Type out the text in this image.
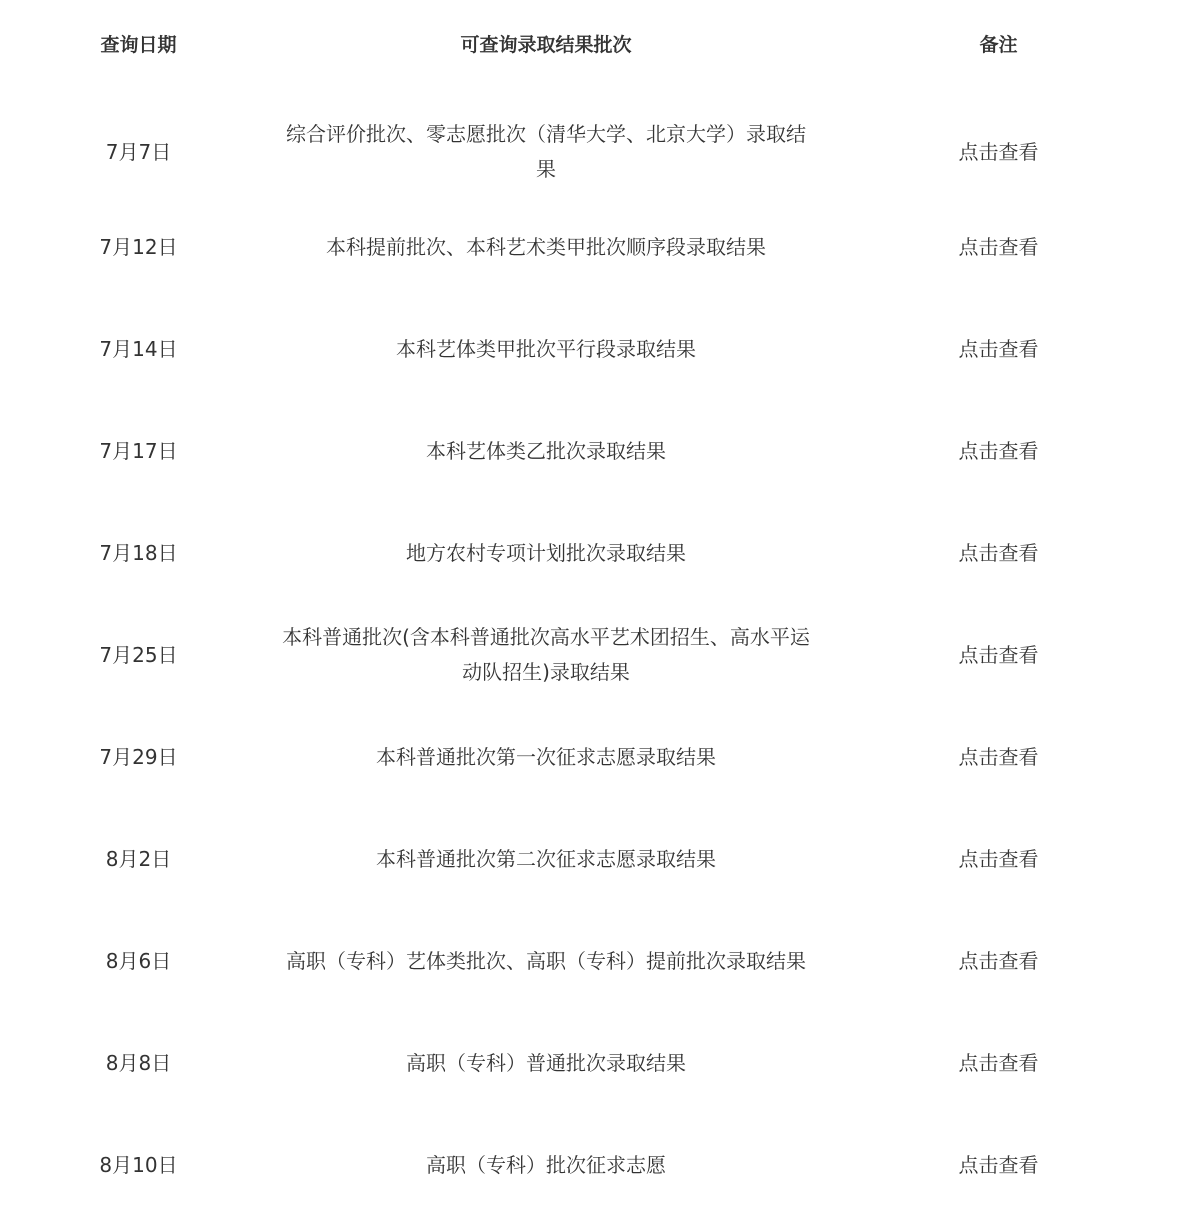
查询日期	可查询录取结果批次	备注

7月7日	综合评价批次、零志愿批次（清华大学、北京大学）录取结果	点击查看
7月12日	本科提前批次、本科艺术类甲批次顺序段录取结果	点击查看
7月14日	本科艺体类甲批次平行段录取结果	点击查看
7月17日	本科艺体类乙批次录取结果	点击查看
7月18日	地方农村专项计划批次录取结果	点击查看
7月25日	本科普通批次(含本科普通批次高水平艺术团招生、高水平运动队招生)录取结果	点击查看
7月29日	本科普通批次第一次征求志愿录取结果	点击查看
8月2日	本科普通批次第二次征求志愿录取结果	点击查看
8月6日	高职（专科）艺体类批次、高职（专科）提前批次录取结果	点击查看
8月8日	高职（专科）普通批次录取结果	点击查看
8月10日	高职（专科）批次征求志愿	点击查看
